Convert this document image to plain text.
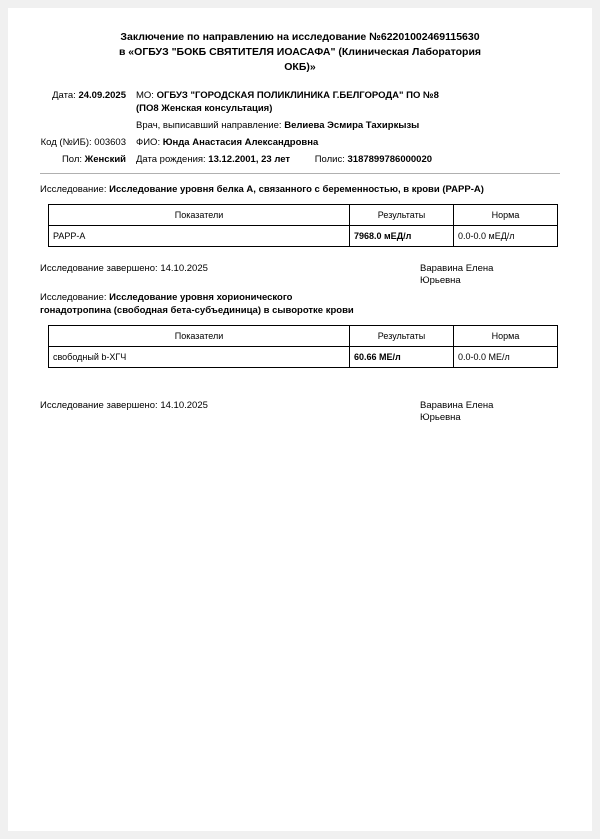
Заключение по направлению на исследование №62201002469115630
в «ОГБУЗ "БОКБ СВЯТИТЕЛЯ ИОАСАФА" (Клиническая Лаборатория
ОКБ)»
Дата: 24.09.2025	МО: ОГБУЗ "ГОРОДСКАЯ ПОЛИКЛИНИКА Г.БЕЛГОРОДА" ПО №8
(ПО8 Женская консультация)
Врач, выписавший направление: Велиева Эсмира Тахиркызы
Код (№ИБ): 003603	ФИО: Юнда Анастасия Александровна
Пол: Женский	Дата рождения: 13.12.2001, 23 лет	Полис: 3187899786000020
Исследование: Исследование уровня белка А, связанного с беременностью, в крови (PAPP-А)
Показатели	Результаты	Норма
PAPP-A	7968.0 мЕД/л	0.0-0.0 мЕД/л
Исследование завершено: 14.10.2025	Варавина Елена
Юрьевна
Исследование: Исследование уровня хорионического
гонадотропина (свободная бета-субъединица) в сыворотке крови
Показатели	Результаты	Норма
свободный b-ХГЧ	60.66 МЕ/л	0.0-0.0 МЕ/л
Исследование завершено: 14.10.2025	Варавина Елена
Юрьевна
